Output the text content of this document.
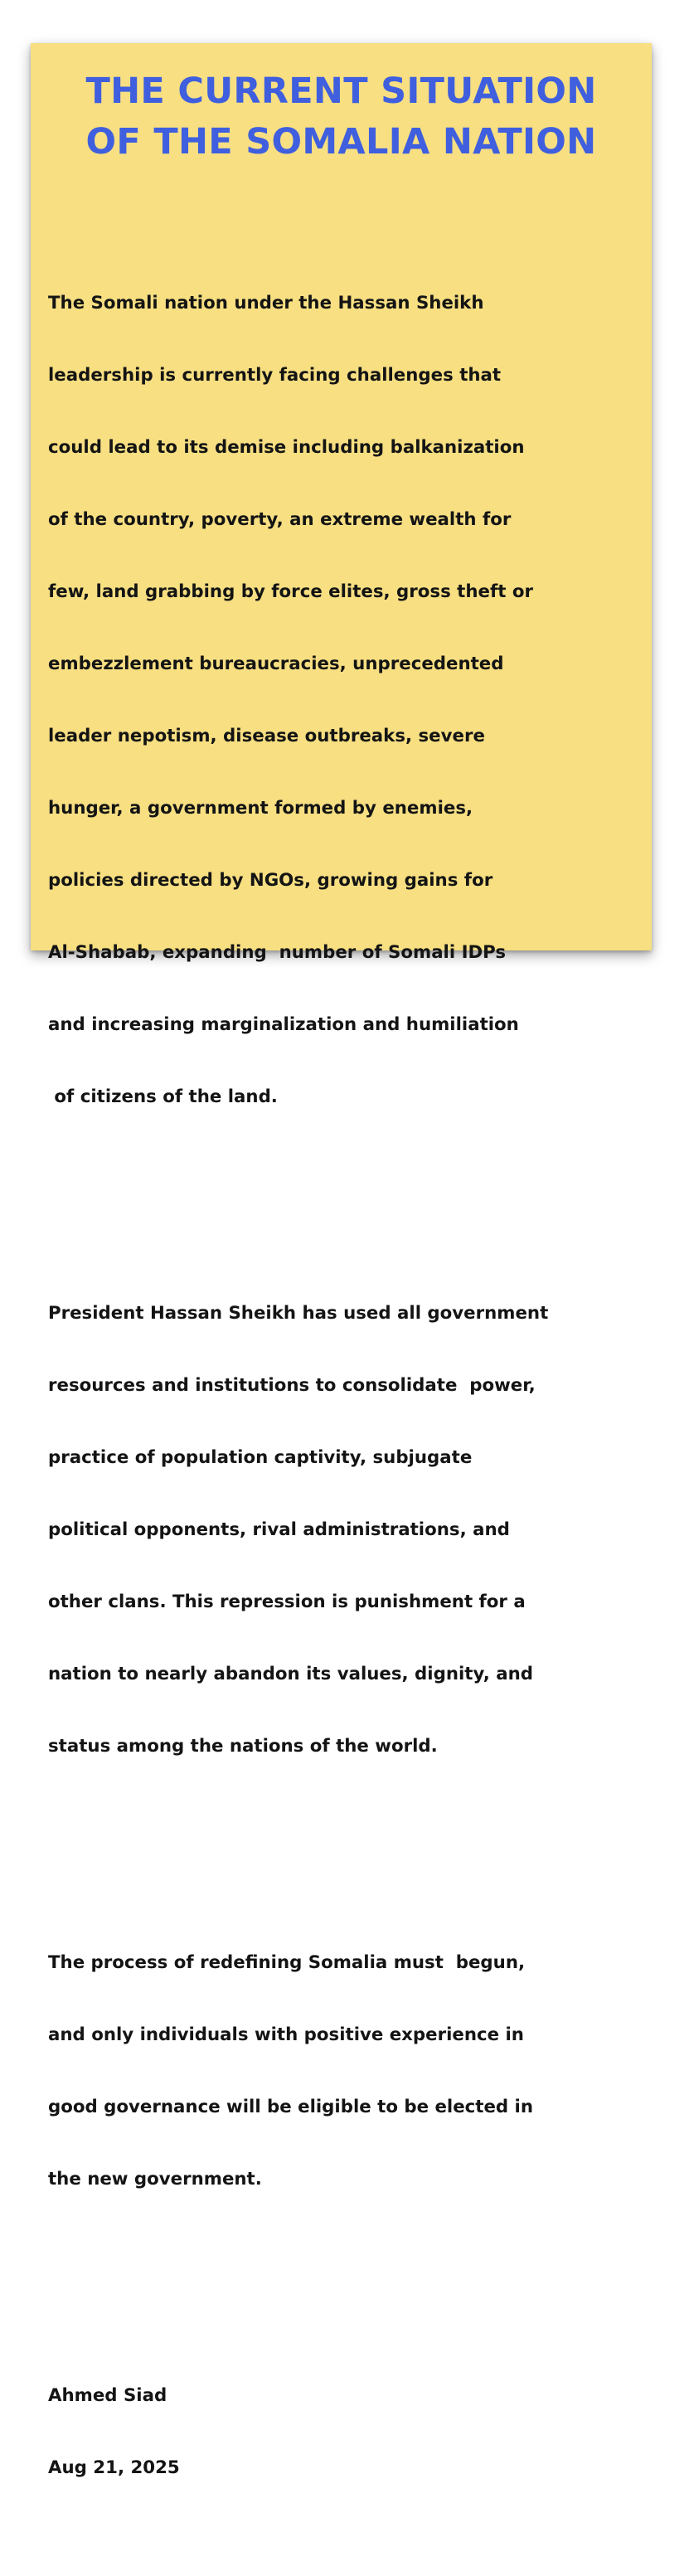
THE CURRENT SITUATION
OF THE SOMALIA NATION

The Somali nation under the Hassan Sheikh

leadership is currently facing challenges that

could lead to its demise including balkanization

of the country, poverty, an extreme wealth for

few, land grabbing by force elites, gross theft or

embezzlement bureaucracies, unprecedented

leader nepotism, disease outbreaks, severe

hunger, a government formed by enemies,

policies directed by NGOs, growing gains for

Al-Shabab, expanding  number of Somali IDPs

and increasing marginalization and humiliation

of citizens of the land.

President Hassan Sheikh has used all government

resources and institutions to consolidate  power,

practice of population captivity, subjugate

political opponents, rival administrations, and

other clans. This repression is punishment for a

nation to nearly abandon its values, dignity, and

status among the nations of the world.

The process of redefining Somalia must  begun,

and only individuals with positive experience in

good governance will be eligible to be elected in

the new government.

Ahmed Siad

Aug 21, 2025
